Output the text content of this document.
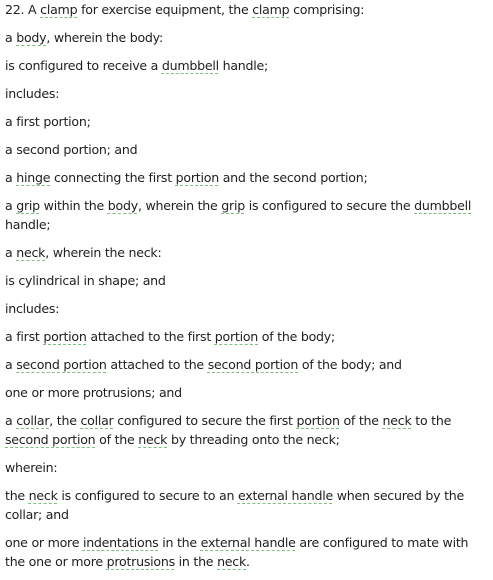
22. A clamp for exercise equipment, the clamp comprising:
a body, wherein the body:
is configured to receive a dumbbell handle;
includes:
a first portion;
a second portion; and
a hinge connecting the first portion and the second portion;
a grip within the body, wherein the grip is configured to secure the dumbbell handle;
a neck, wherein the neck:
is cylindrical in shape; and
includes:
a first portion attached to the first portion of the body;
a second portion attached to the second portion of the body; and
one or more protrusions; and
a collar, the collar configured to secure the first portion of the neck to the second portion of the neck by threading onto the neck;
wherein:
the neck is configured to secure to an external handle when secured by the collar; and
one or more indentations in the external handle are configured to mate with the one or more protrusions in the neck.
